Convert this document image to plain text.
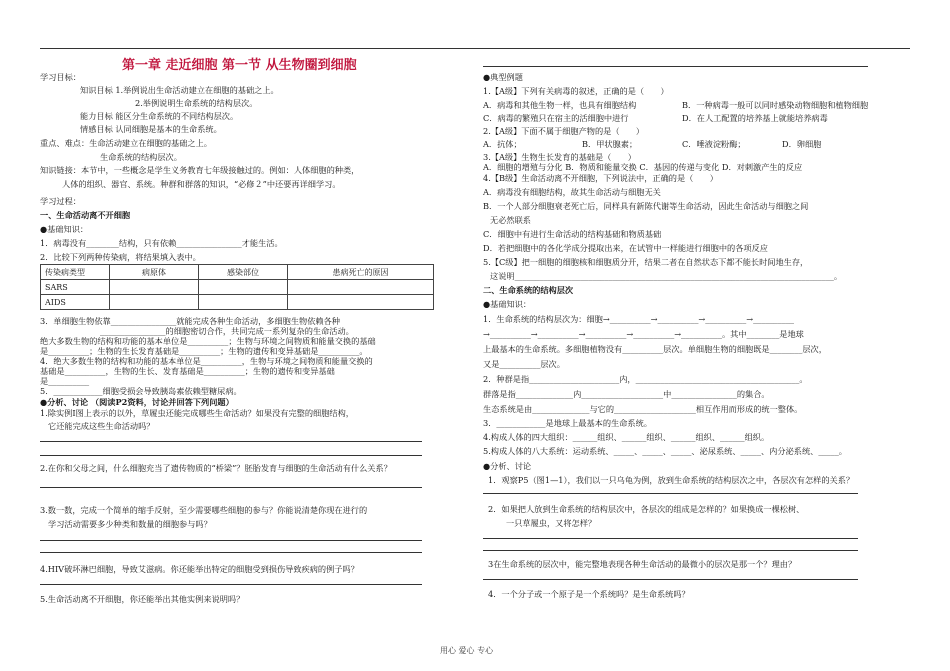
第一章 走近细胞 第一节 从生物圈到细胞
学习目标：
知识目标 1.举例说出生命活动建立在细胞的基础之上。
2.举例说明生命系统的结构层次。
能力目标 能区分生命系统的不同结构层次。
情感目标 认同细胞是基本的生命系统。
重点、难点：生命活动建立在细胞的基础之上。
生命系统的结构层次。
知识链接：本节中，一些概念是学生义务教育七年级接触过的。例如：人体细胞的种类，
人体的组织、器官、系统。种群和群落的知识，“必修２”中还要再详细学习。
学习过程：
一、生命活动离不开细胞
●基础知识：
1．病毒没有________结构，只有依赖________________才能生活。
2．比较下列两种传染病，将结果填入表中。
传染病类型	病原体	感染部位	患病死亡的原因
SARS			
AIDS			
3．单细胞生物依靠________________就能完成各种生命活动，多细胞生物依赖各种
________________的细胞密切合作，共同完成一系列复杂的生命活动。
绝大多数生物的结构和功能的基本单位是__________；生物与环境之间物质和能量交换的基础
是__________；生物的生长发育基础是__________；生物的遗传和变异基础是__________。
4．绝大多数生物的结构和功能的基本单位是__________，生物与环境之间物质和能量交换的
基础是__________，生物的生长、发育基础是__________；生物的遗传和变异基础
是__________
5．____________细胞受损会导致胰岛素依赖型糖尿病。
●分析、讨论 （阅读P2资料，讨论并回答下列问题）
1.除实例Ⅰ图上表示的以外，草履虫还能完成哪些生命活动？如果没有完整的细胞结构，
它还能完成这些生命活动吗？
2.在你和父母之间，什么细胞充当了遗传物质的“桥梁”？胚胎发育与细胞的生命活动有什么关系？
3.数一数，完成一个简单的缩手反射，至少需要哪些细胞的参与？你能说清楚你现在进行的
学习活动需要多少种类和数量的细胞参与吗？
4.HIV破坏淋巴细胞，导致艾滋病。你还能举出特定的细胞受到损伤导致疾病的例子吗？
5.生命活动离不开细胞，你还能举出其他实例来说明吗？
●典型例题
1.【A级】下列有关病毒的叙述，正确的是（　　）
A．病毒和其他生物一样，也具有细胞结构	B．一种病毒一般可以同时感染动物细胞和植物细胞
C．病毒的繁殖只在宿主的活细胞中进行	D．在人工配置的培养基上就能培养病毒
2.【A级】下面不属于细胞产物的是（　　）
A．抗体；	B．甲状腺素；	C．唾液淀粉酶；	D．卵细胞
3.【A级】生物生长发育的基础是（　　）
A．细胞的增殖与分化 B．物质和能量交换 C．基因的传递与变化 D．对刺激产生的反应
4.【B级】生命活动离不开细胞，下列说法中，正确的是（　　）
A．病毒没有细胞结构，故其生命活动与细胞无关
B．一个人部分细胞衰老死亡后，同样具有新陈代谢等生命活动，因此生命活动与细胞之间
无必然联系
C．细胞中有进行生命活动的结构基础和物质基础
D．若把细胞中的各化学成分提取出来，在试管中一样能进行细胞中的各项反应
5.【C级】把一细胞的细胞核和细胞质分开，结果二者在自然状态下都不能长时间地生存，
这说明______________________________________________________________________________。
二、生命系统的结构层次
●基础知识：
1．生命系统的结构层次为：细胞→__________→__________→__________→__________
→__________→__________→__________→__________→__________。其中________是地球
上最基本的生命系统。多细胞植物没有__________层次。单细胞生物的细胞既是________层次，
又是__________层次。
2．种群是指______________________内，________________________________________。
群落是指______________内____________________中________________的集合。
生态系统是由______________与它的____________________相互作用而形成的统一整体。
3．____________是地球上最基本的生命系统。
4.构成人体的四大组织：______组织、______组织、______组织、______组织。
5.构成人体的八大系统：运动系统、_____、_____、_____、泌尿系统、_____、内分泌系统、_____。
●分析、讨论
1．观察P5（图1—1），我们以一只乌龟为例，放到生命系统的结构层次之中，各层次有怎样的关系？
2．如果把人放到生命系统的结构层次中，各层次的组成是怎样的？如果换成一棵松树、
一只草履虫，又将怎样？
3在生命系统的层次中，能完整地表现各种生命活动的最微小的层次是那一个？理由？
4．一个分子或一个原子是一个系统吗？是生命系统吗？
用心 爱心 专心
